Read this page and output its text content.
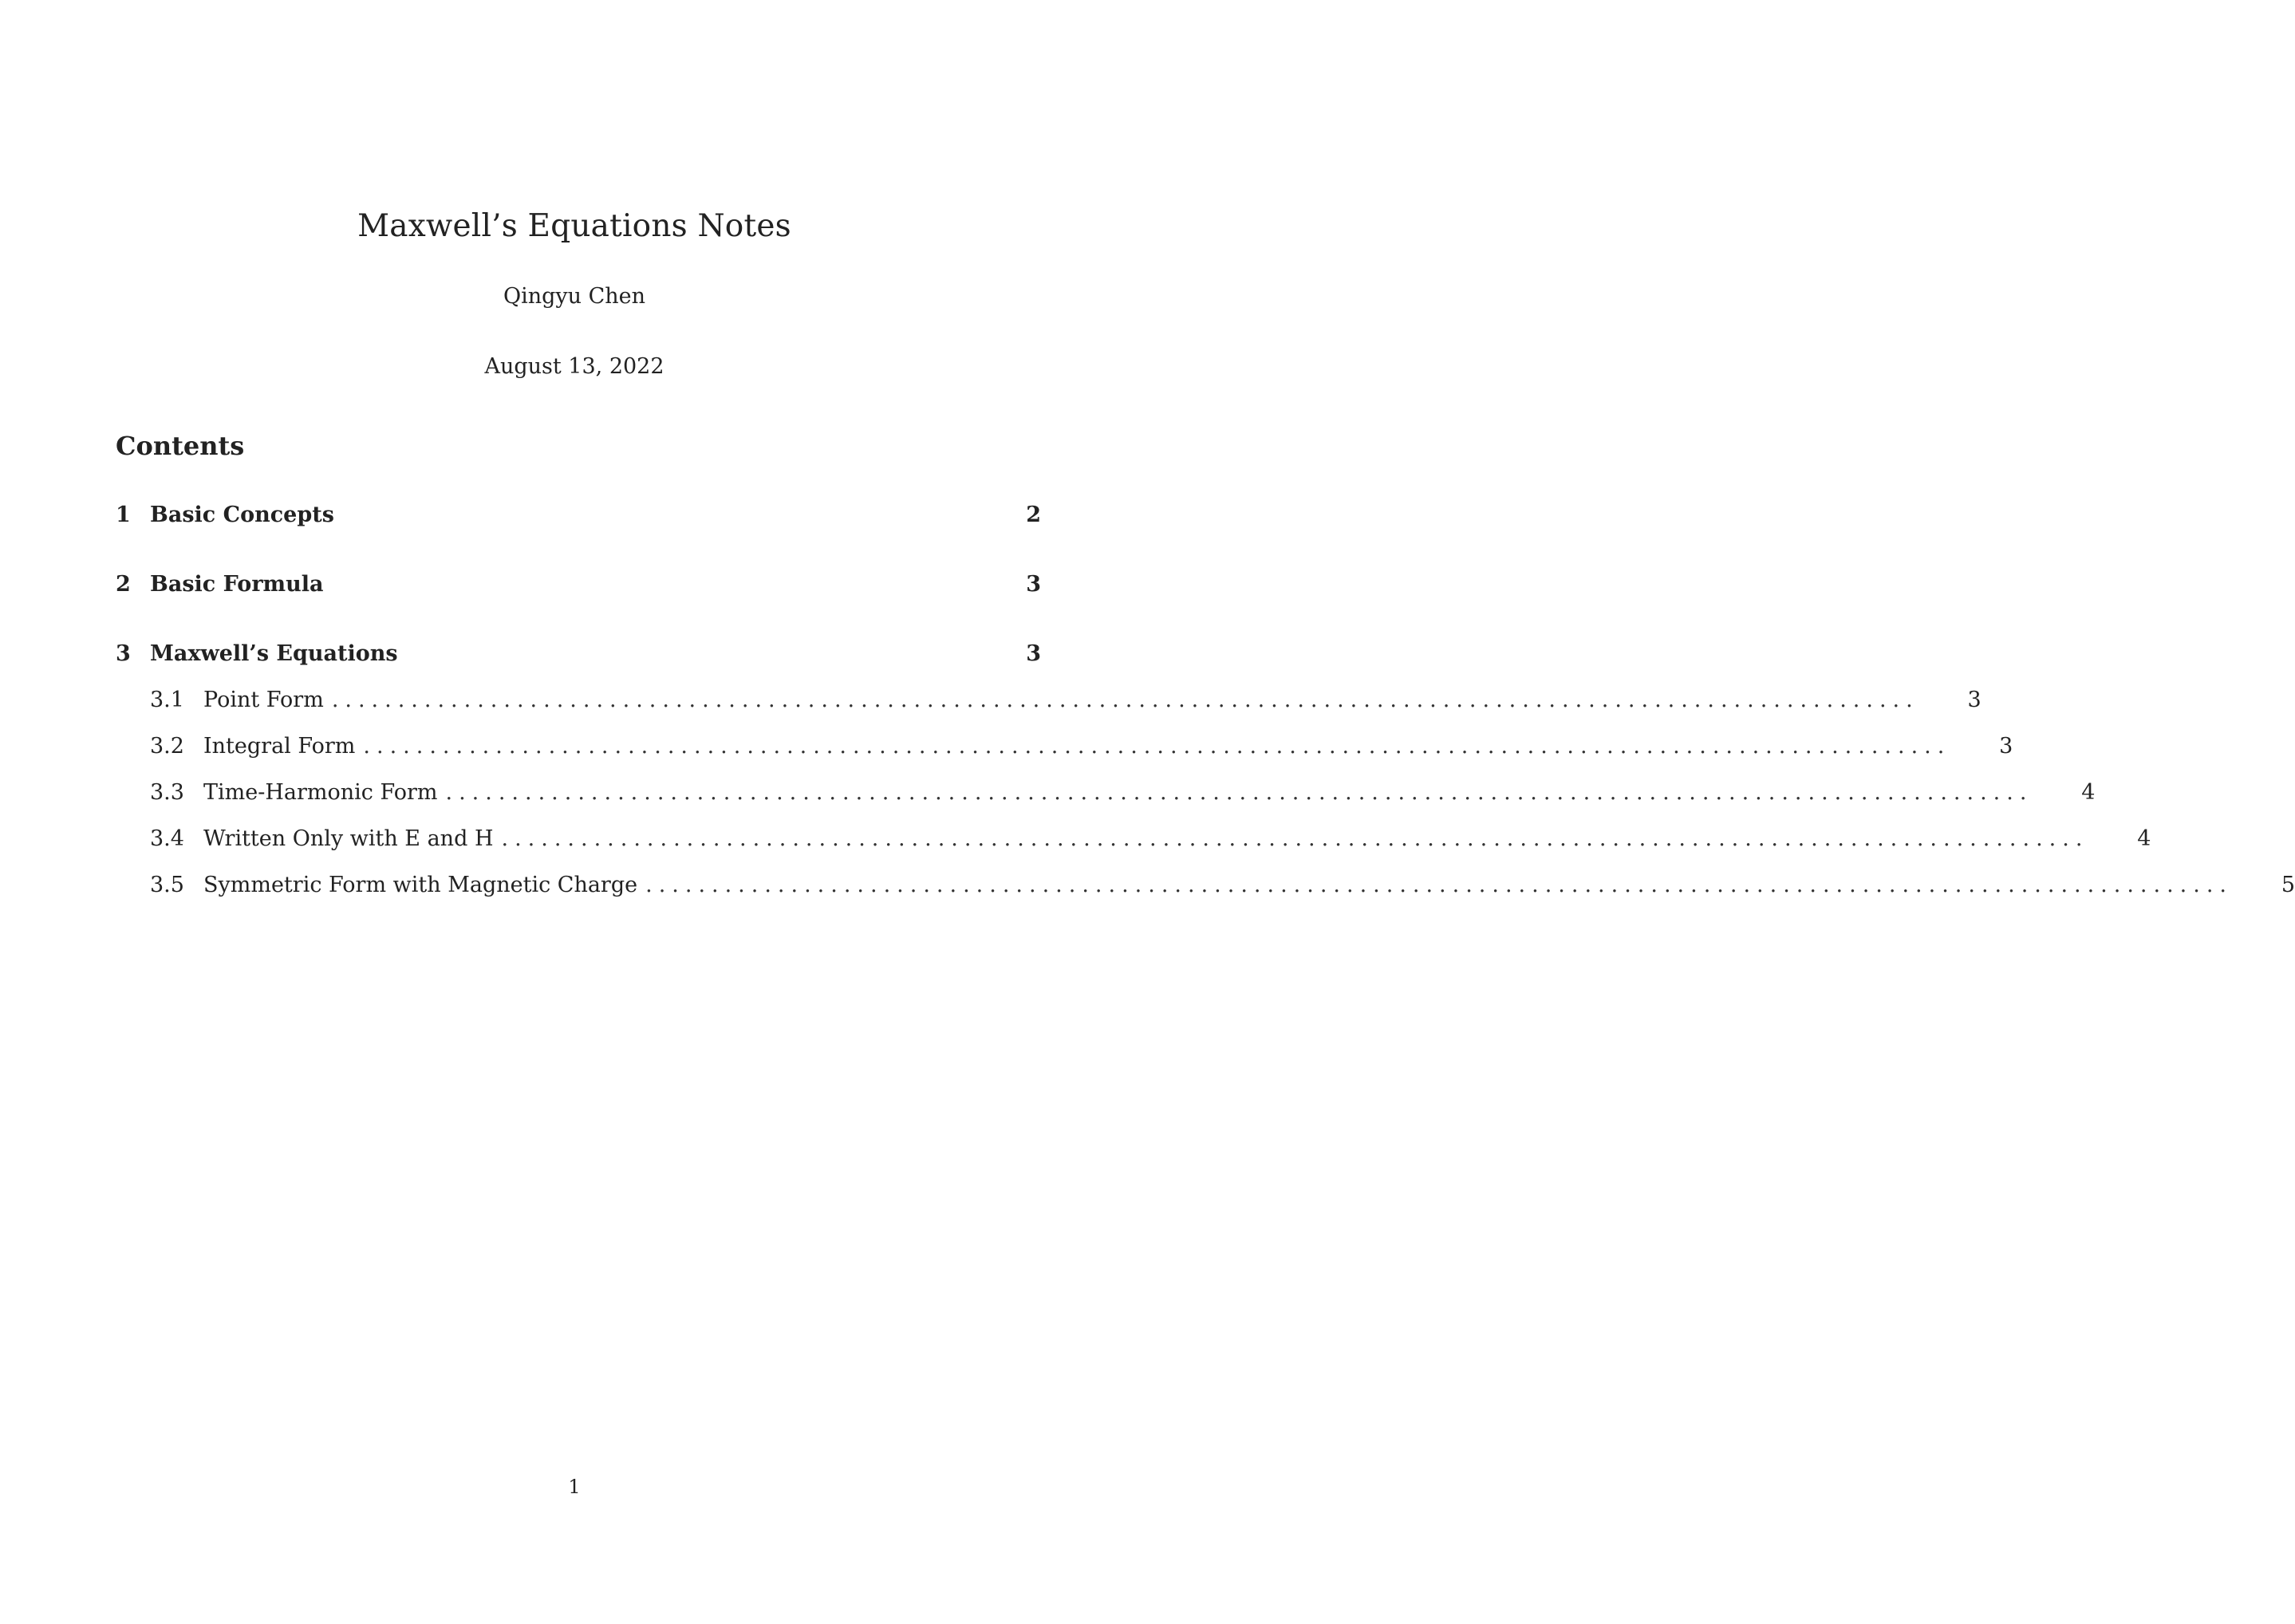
Maxwell’s Equations Notes
Qingyu Chen
August 13, 2022
Contents
1 Basic Concepts	2
2 Basic Formula	3
3 Maxwell’s Equations	3
3.1 Point Form ........................................................................................................................	3
3.2 Integral Form ........................................................................................................................	3
3.3 Time-Harmonic Form ........................................................................................................................	4
3.4 Written Only with E and H ........................................................................................................................	4
3.5 Symmetric Form with Magnetic Charge ........................................................................................................................	5
1
